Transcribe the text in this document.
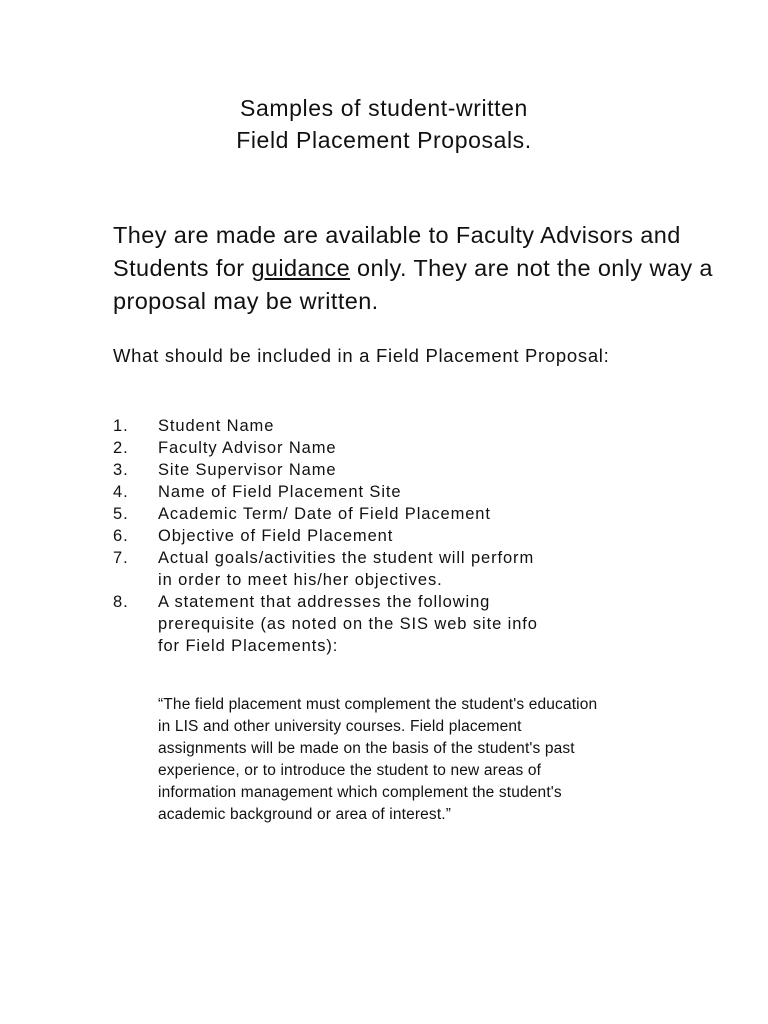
Samples of student-written
Field Placement Proposals.
They are made are available to Faculty Advisors and Students for guidance only. They are not the only way a proposal may be written.
What should be included in a Field Placement Proposal:
1.	Student Name
2.	Faculty Advisor Name
3.	Site Supervisor Name
4.	Name of Field Placement Site
5.	Academic Term/ Date of Field Placement
6.	Objective of Field Placement
7.	Actual goals/activities the student will perform
in order to meet his/her objectives.
8.	A statement that addresses the following
prerequisite (as noted on the SIS web site info
for Field Placements):
“The field placement must complement the student's education
in LIS and other university courses. Field placement
assignments will be made on the basis of the student's past
experience, or to introduce the student to new areas of
information management which complement the student's
academic background or area of interest.”
